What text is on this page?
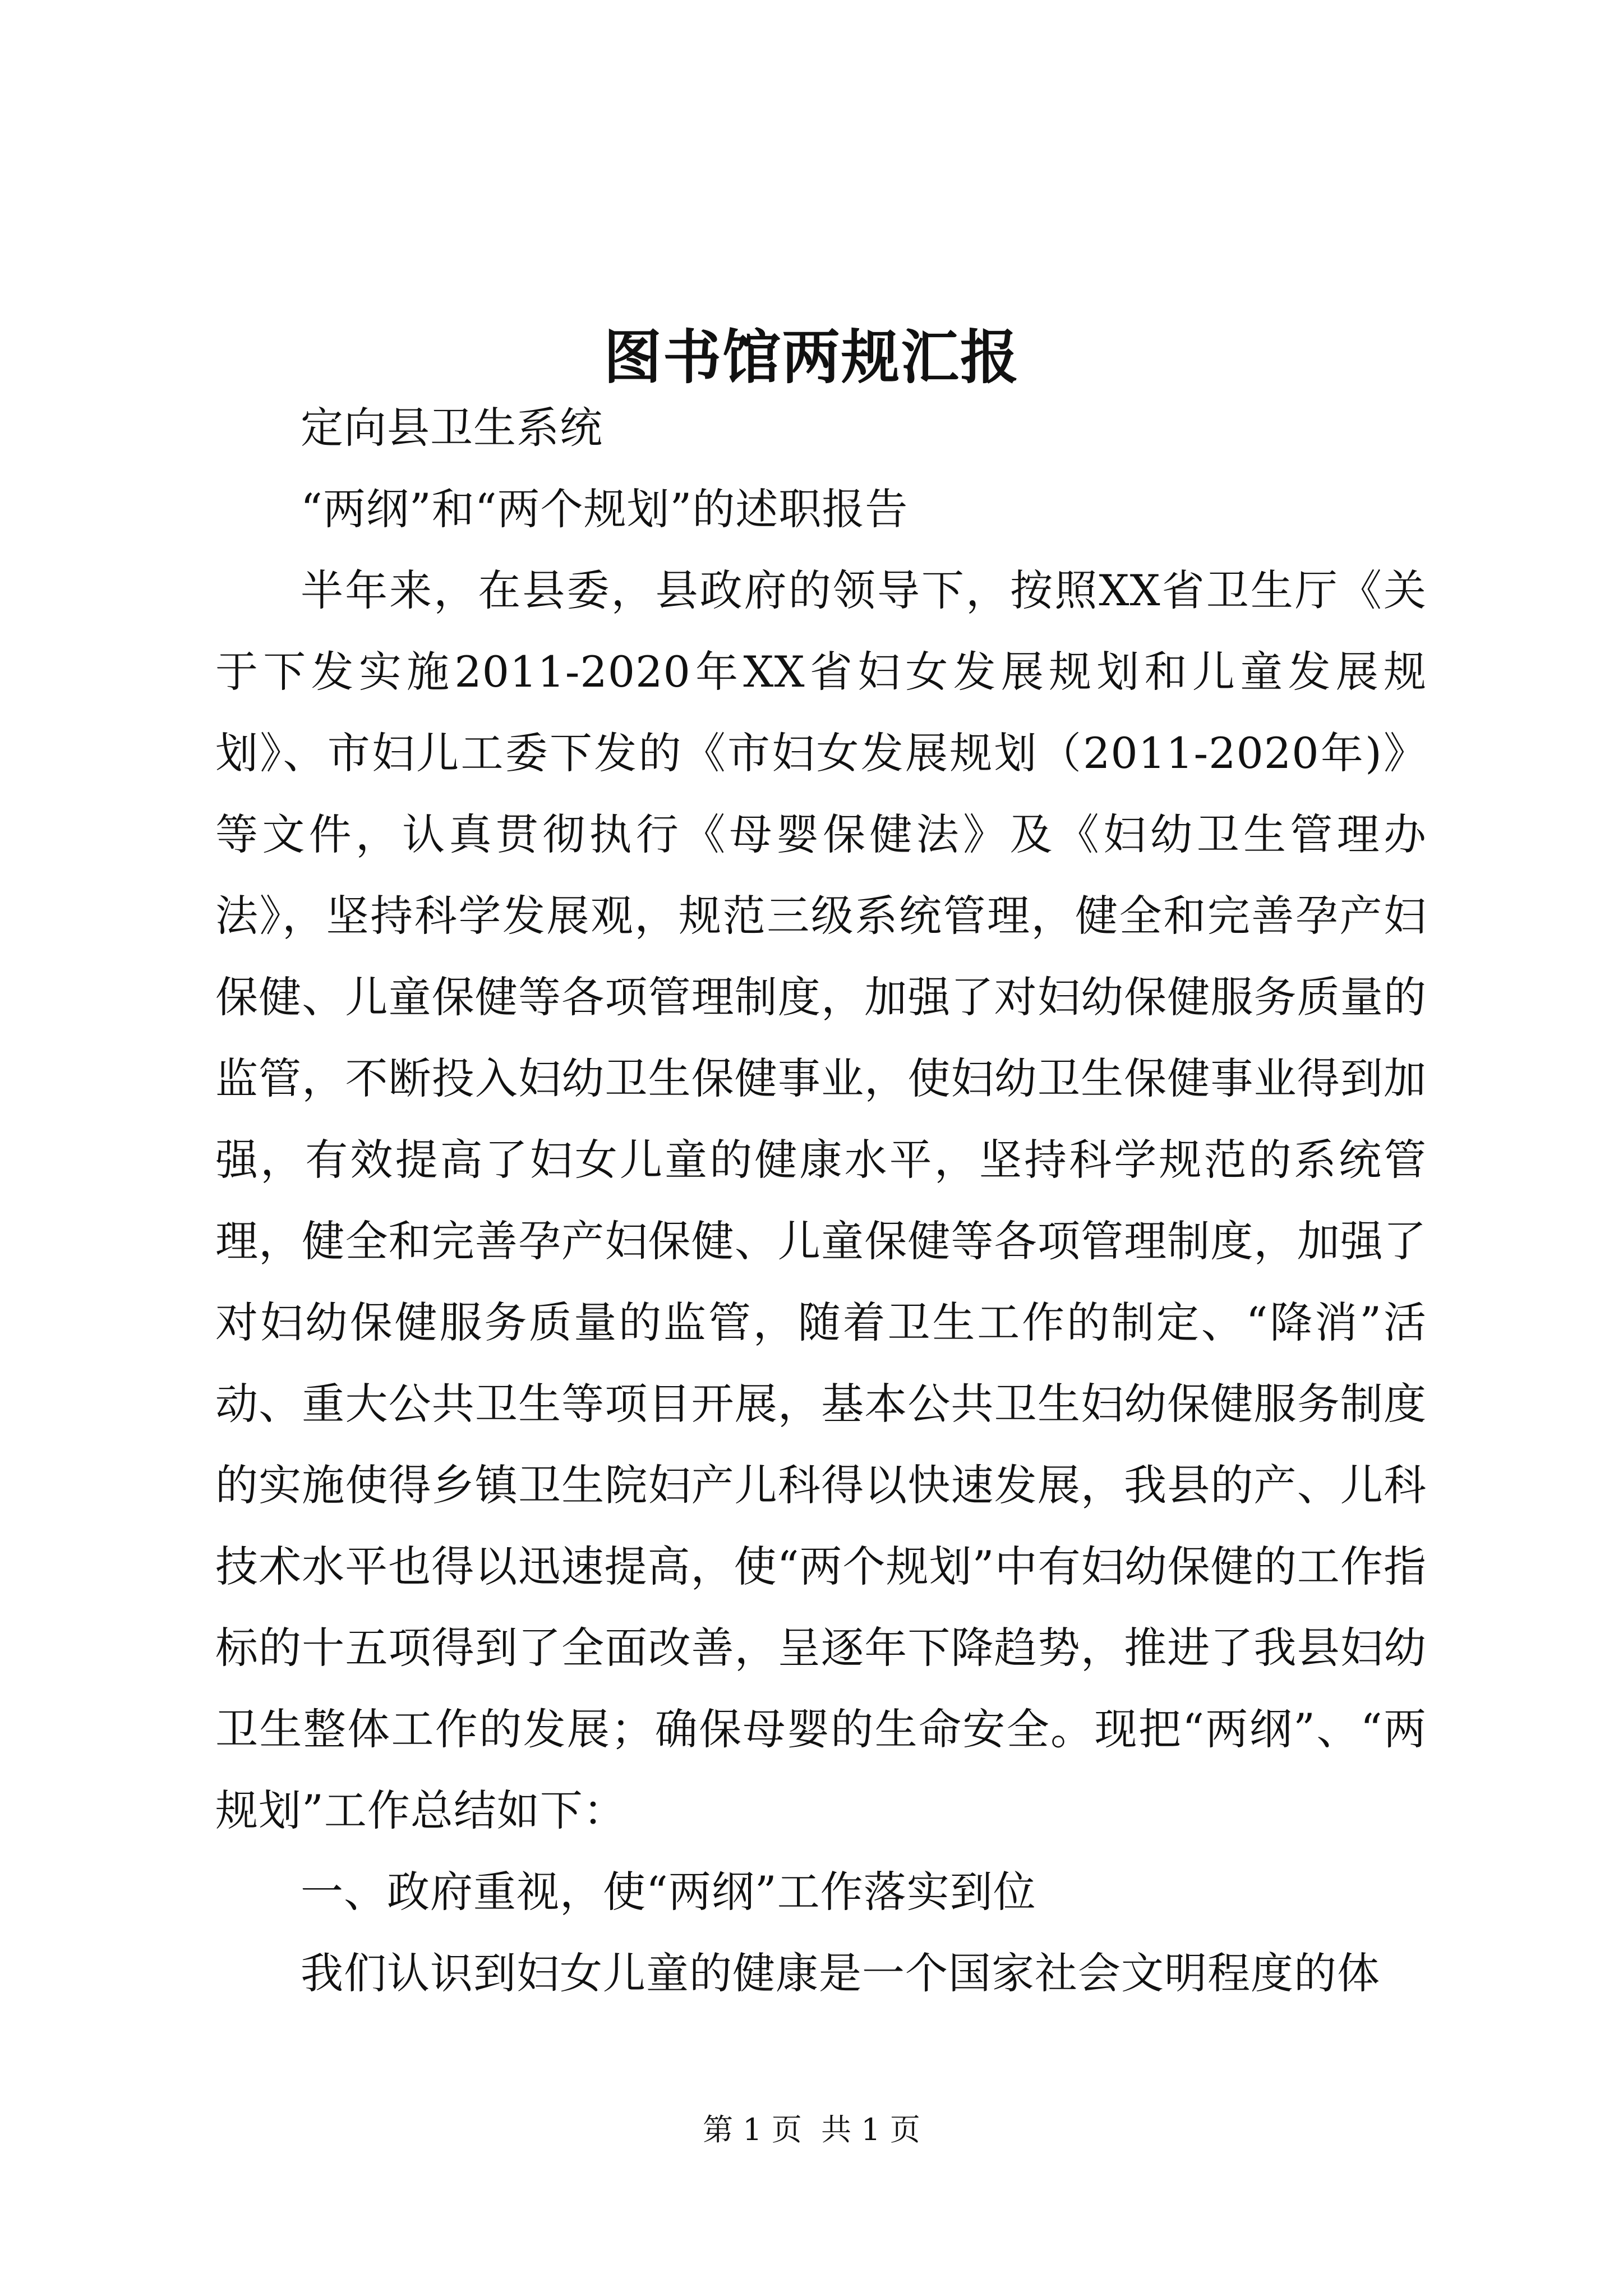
图书馆两规汇报

定向县卫生系统

“两纲”和“两个规划”的述职报告

半年来，在县委，县政府的领导下，按照XX省卫生厅《关于下发实施2011-2020年XX省妇女发展规划和儿童发展规划》、市妇儿工委下发的《市妇女发展规划（2011-2020年)》等文件，认真贯彻执行《母婴保健法》及《妇幼卫生管理办法》，坚持科学发展观，规范三级系统管理，健全和完善孕产妇保健、儿童保健等各项管理制度，加强了对妇幼保健服务质量的监管，不断投入妇幼卫生保健事业，使妇幼卫生保健事业得到加强，有效提高了妇女儿童的健康水平，坚持科学规范的系统管理，健全和完善孕产妇保健、儿童保健等各项管理制度，加强了对妇幼保健服务质量的监管，随着卫生工作的制定、“降消”活动、重大公共卫生等项目开展，基本公共卫生妇幼保健服务制度的实施使得乡镇卫生院妇产儿科得以快速发展，我县的产、儿科技术水平也得以迅速提高，使“两个规划”中有妇幼保健的工作指标的十五项得到了全面改善，呈逐年下降趋势，推进了我县妇幼卫生整体工作的发展；确保母婴的生命安全。现把“两纲”、“两规划”工作总结如下：

一、政府重视，使“两纲”工作落实到位

我们认识到妇女儿童的健康是一个国家社会文明程度的体

第 1 页  共 1 页
